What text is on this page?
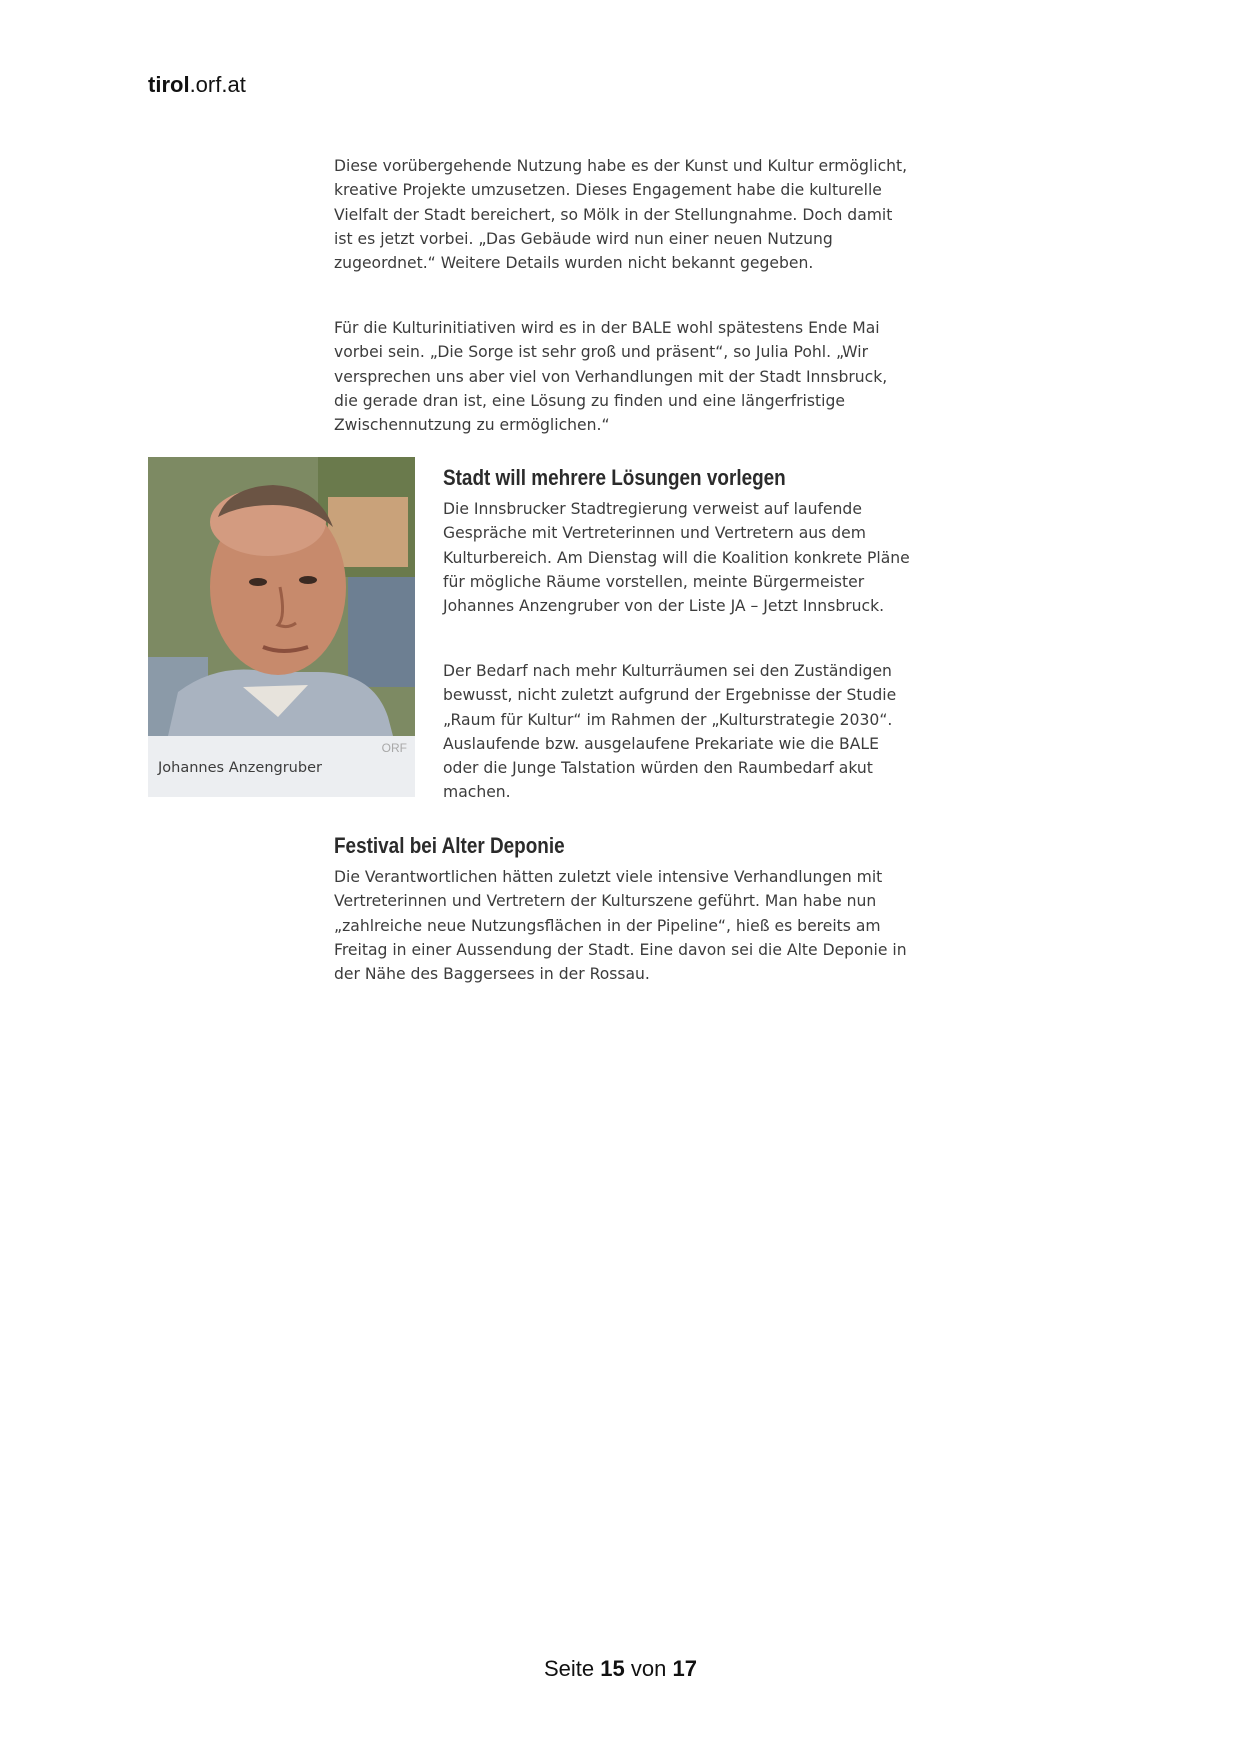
tirol.orf.at

Diese vorübergehende Nutzung habe es der Kunst und Kultur ermöglicht, kreative Projekte umzusetzen. Dieses Engagement habe die kulturelle Vielfalt der Stadt bereichert, so Mölk in der Stellungnahme. Doch damit ist es jetzt vorbei. „Das Gebäude wird nun einer neuen Nutzung zugeordnet.“ Weitere Details wurden nicht bekannt gegeben.

Für die Kulturinitiativen wird es in der BALE wohl spätestens Ende Mai vorbei sein. „Die Sorge ist sehr groß und präsent“, so Julia Pohl. „Wir versprechen uns aber viel von Verhandlungen mit der Stadt Innsbruck, die gerade dran ist, eine Lösung zu finden und eine längerfristige Zwischennutzung zu ermöglichen.“

ORF
Johannes Anzengruber
Stadt will mehrere Lösungen vorlegen

Die Innsbrucker Stadtregierung verweist auf laufende Gespräche mit Vertreterinnen und Vertretern aus dem Kulturbereich. Am Dienstag will die Koalition konkrete Pläne für mögliche Räume vorstellen, meinte Bürgermeister Johannes Anzengruber von der Liste JA – Jetzt Innsbruck.

Der Bedarf nach mehr Kulturräumen sei den Zuständigen bewusst, nicht zuletzt aufgrund der Ergebnisse der Studie „Raum für Kultur“ im Rahmen der „Kulturstrategie 2030“. Auslaufende bzw. ausgelaufene Prekariate wie die BALE oder die Junge Talstation würden den Raumbedarf akut machen.

Festival bei Alter Deponie

Die Verantwortlichen hätten zuletzt viele intensive Verhandlungen mit Vertreterinnen und Vertretern der Kulturszene geführt. Man habe nun „zahlreiche neue Nutzungsflächen in der Pipeline“, hieß es bereits am Freitag in einer Aussendung der Stadt. Eine davon sei die Alte Deponie in der Nähe des Baggersees in der Rossau.

Seite 15 von 17
